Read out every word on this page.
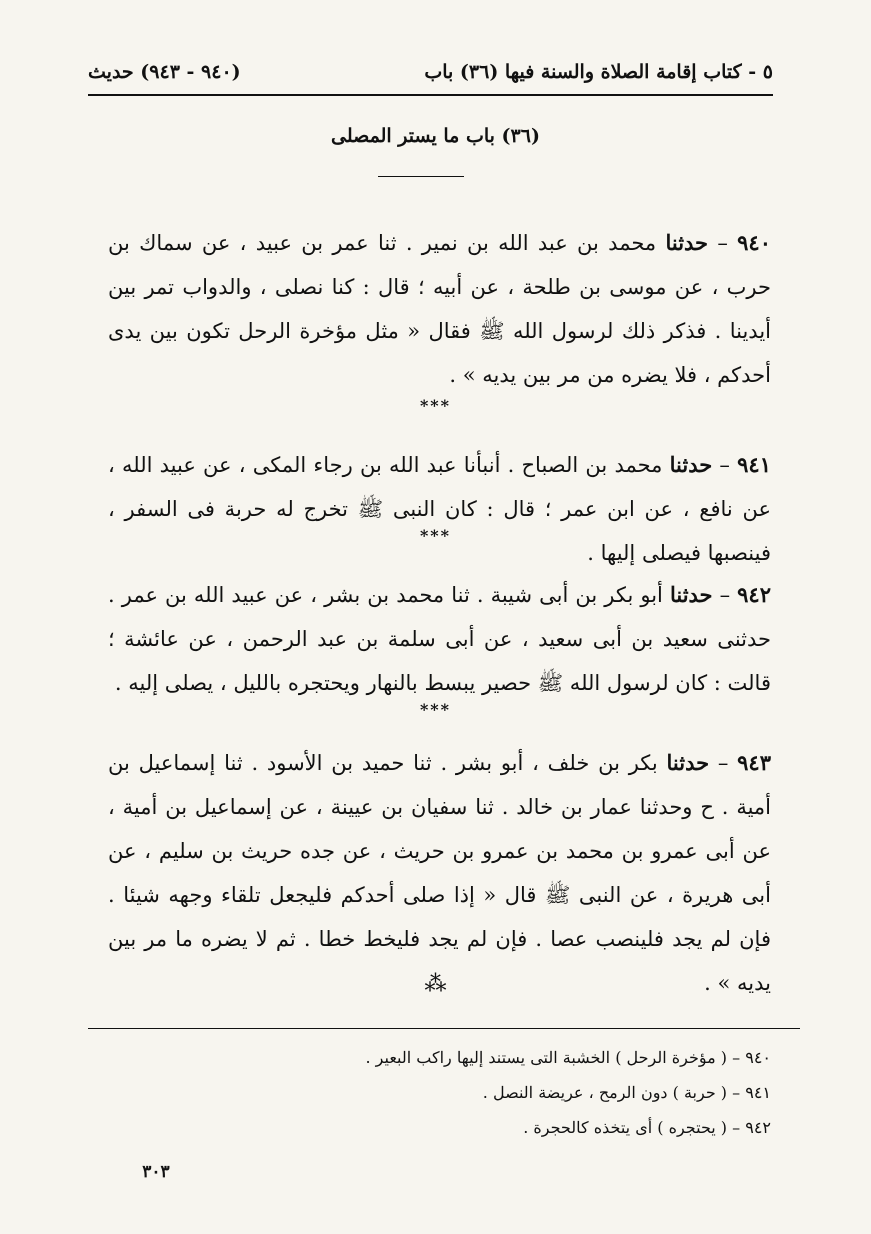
٥ - كتاب إقامة الصلاة والسنة فيها (٣٦) باب
(٩٤٠ - ٩٤٣) حديث
(٣٦) باب ما يستر المصلى

٩٤٠ – حدثنا محمد بن عبد الله بن نمير . ثنا عمر بن عبيد ، عن سماك بن حرب ، عن موسى بن طلحة ، عن أبيه ؛ قال : كنا نصلى ، والدواب تمر بين أيدينا . فذكر ذلك لرسول الله ﷺ فقال « مثل مؤخرة الرحل تكون بين يدى أحدكم ، فلا يضره من مر بين يديه » .

***

٩٤١ – حدثنا محمد بن الصباح . أنبأنا عبد الله بن رجاء المكى ، عن عبيد الله ، عن نافع ، عن ابن عمر ؛ قال : كان النبى ﷺ تخرج له حربة فى السفر ، فينصبها فيصلى إليها .

***

٩٤٢ – حدثنا أبو بكر بن أبى شيبة . ثنا محمد بن بشر ، عن عبيد الله بن عمر . حدثنى سعيد بن أبى سعيد ، عن أبى سلمة بن عبد الرحمن ، عن عائشة ؛ قالت : كان لرسول الله ﷺ حصير يبسط بالنهار ويحتجره بالليل ، يصلى إليه .

***

٩٤٣ – حدثنا بكر بن خلف ، أبو بشر . ثنا حميد بن الأسود . ثنا إسماعيل بن أمية . ح وحدثنا عمار بن خالد . ثنا سفيان بن عيينة ، عن إسماعيل بن أمية ، عن أبى عمرو بن محمد بن عمرو بن حريث ، عن جده حريث بن سليم ، عن أبى هريرة ، عن النبى ﷺ قال « إذا صلى أحدكم فليجعل تلقاء وجهه شيئا . فإن لم يجد فلينصب عصا . فإن لم يجد فليخط خطا . ثم لا يضره ما مر بين يديه » .

⁂
٩٤٠ – ( مؤخرة الرحل ) الخشبة التى يستند إليها راكب البعير .
٩٤١ – ( حربة ) دون الرمح ، عريضة النصل .
٩٤٢ – ( يحتجره ) أى يتخذه كالحجرة .
٣٠٣
